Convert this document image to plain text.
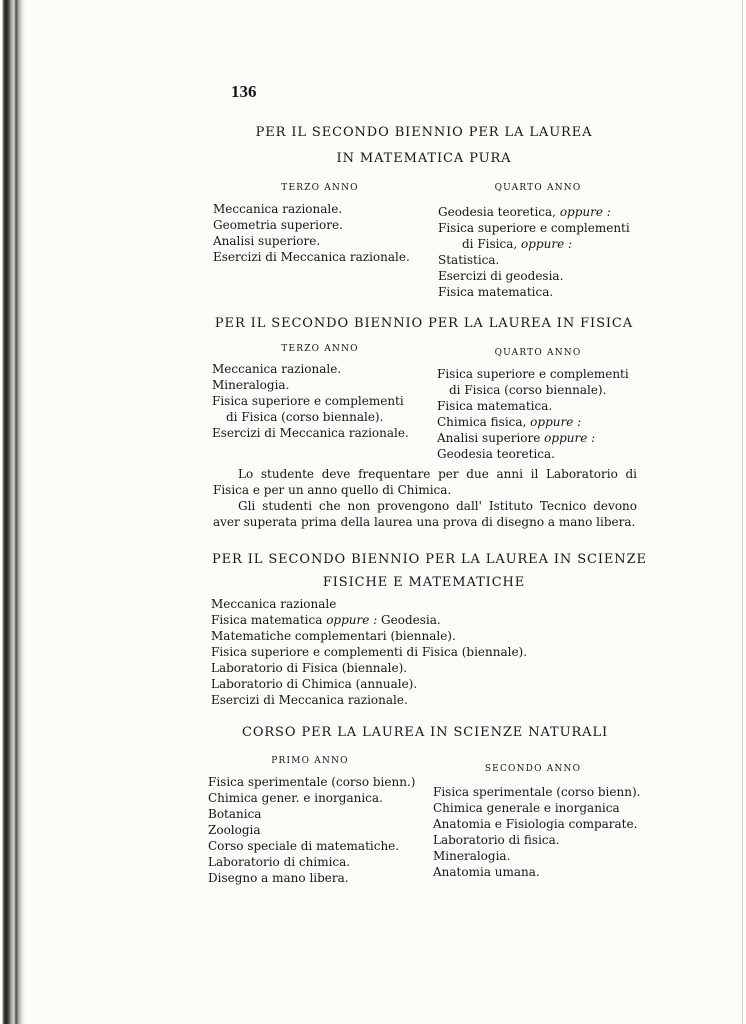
136
PER IL SECONDO BIENNIO PER LA LAUREA
IN MATEMATICA PURA
TERZO ANNO	QUARTO ANNO
Meccanica razionale.
Geometria superiore.
Analisi superiore.
Esercizi di Meccanica razionale.
Geodesia teoretica, oppure :
Fisica superiore e complementi
di Fisica, oppure :
Statistica.
Esercizi di geodesia.
Fisica matematica.
PER IL SECONDO BIENNIO PER LA LAUREA IN FISICA
TERZO ANNO	QUARTO ANNO
Meccanica razionale.
Mineralogia.
Fisica superiore e complementi
di Fisica (corso biennale).
Esercizi di Meccanica razionale.
Fisica superiore e complementi
di Fisica (corso biennale).
Fisica matematica.
Chimica fisica, oppure :
Analisi superiore oppure :
Geodesia teoretica.

Lo studente deve frequentare per due anni il Laboratorio di Fisica e per un anno quello di Chimica.

Gli studenti che non provengono dall' Istituto Tecnico devono aver superata prima della laurea una prova di disegno a mano libera.

PER IL SECONDO BIENNIO PER LA LAUREA IN SCIENZE
FISICHE E MATEMATICHE
Meccanica razionale
Fisica matematica oppure : Geodesia.
Matematiche complementari (biennale).
Fisica superiore e complementi di Fisica (biennale).
Laboratorio di Fisica (biennale).
Laboratorio di Chimica (annuale).
Esercizi di Meccanica razionale.
CORSO PER LA LAUREA IN SCIENZE NATURALI
PRIMO ANNO
SECONDO ANNO
Fisica sperimentale (corso bienn.)
Chimica gener. e inorganica.
Botanica
Zoologia
Corso speciale di matematiche.
Laboratorio di chimica.
Disegno a mano libera.
Fisica sperimentale (corso bienn).
Chimica generale e inorganica
Anatomia e Fisiologia comparate.
Laboratorio di fisica.
Mineralogia.
Anatomia umana.
